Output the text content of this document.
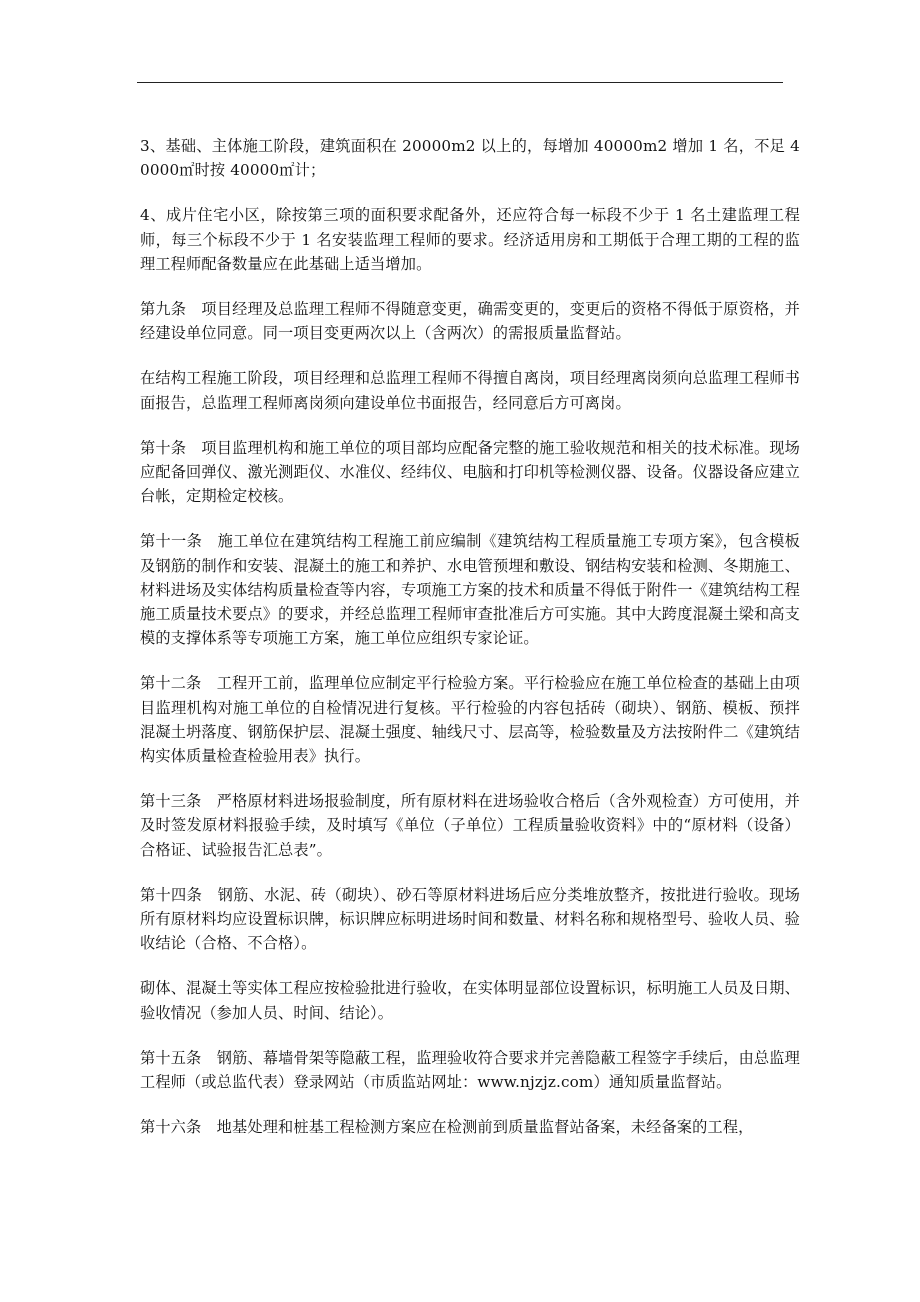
3、基础、主体施工阶段，建筑面积在 20000m2 以上的，每增加 40000m2 增加 1 名，不足 40000㎡时按 40000㎡计；

4、成片住宅小区，除按第三项的面积要求配备外，还应符合每一标段不少于 1 名土建监理工程师，每三个标段不少于 1 名安装监理工程师的要求。经济适用房和工期低于合理工期的工程的监理工程师配备数量应在此基础上适当增加。

第九条　项目经理及总监理工程师不得随意变更，确需变更的，变更后的资格不得低于原资格，并经建设单位同意。同一项目变更两次以上（含两次）的需报质量监督站。

在结构工程施工阶段，项目经理和总监理工程师不得擅自离岗，项目经理离岗须向总监理工程师书面报告，总监理工程师离岗须向建设单位书面报告，经同意后方可离岗。

第十条　项目监理机构和施工单位的项目部均应配备完整的施工验收规范和相关的技术标准。现场应配备回弹仪、激光测距仪、水准仪、经纬仪、电脑和打印机等检测仪器、设备。仪器设备应建立台帐，定期检定校核。

第十一条　施工单位在建筑结构工程施工前应编制《建筑结构工程质量施工专项方案》，包含模板及钢筋的制作和安装、混凝土的施工和养护、水电管预埋和敷设、钢结构安装和检测、冬期施工、材料进场及实体结构质量检查等内容，专项施工方案的技术和质量不得低于附件一《建筑结构工程施工质量技术要点》的要求，并经总监理工程师审查批准后方可实施。其中大跨度混凝土梁和高支模的支撑体系等专项施工方案，施工单位应组织专家论证。

第十二条　工程开工前，监理单位应制定平行检验方案。平行检验应在施工单位检查的基础上由项目监理机构对施工单位的自检情况进行复核。平行检验的内容包括砖（砌块）、钢筋、模板、预拌混凝土坍落度、钢筋保护层、混凝土强度、轴线尺寸、层高等，检验数量及方法按附件二《建筑结构实体质量检查检验用表》执行。

第十三条　严格原材料进场报验制度，所有原材料在进场验收合格后（含外观检查）方可使用，并及时签发原材料报验手续，及时填写《单位（子单位）工程质量验收资料》中的“原材料（设备）合格证、试验报告汇总表”。

第十四条　钢筋、水泥、砖（砌块）、砂石等原材料进场后应分类堆放整齐，按批进行验收。现场所有原材料均应设置标识牌，标识牌应标明进场时间和数量、材料名称和规格型号、验收人员、验收结论（合格、不合格）。

砌体、混凝土等实体工程应按检验批进行验收，在实体明显部位设置标识，标明施工人员及日期、验收情况（参加人员、时间、结论）。

第十五条　钢筋、幕墙骨架等隐蔽工程，监理验收符合要求并完善隐蔽工程签字手续后，由总监理工程师（或总监代表）登录网站（市质监站网址：www.njzjz.com）通知质量监督站。

第十六条　地基处理和桩基工程检测方案应在检测前到质量监督站备案，未经备案的工程，
